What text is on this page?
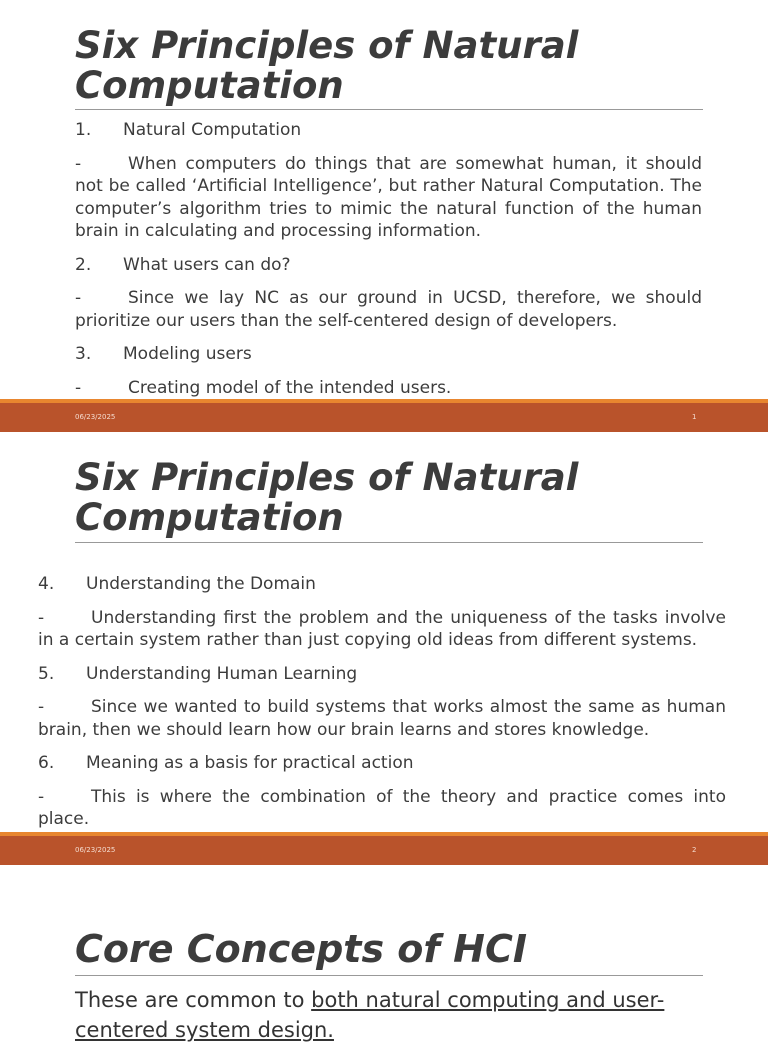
Six Principles of Natural Computation

1.	Natural Computation

-	When computers do things that are somewhat human, it should not be called ‘Artificial Intelligence’, but rather Natural Computation. The computer’s algorithm tries to mimic the natural function of the human brain in calculating and processing information.

2.	What users can do?

-	Since we lay NC as our ground in UCSD, therefore, we should prioritize our users than the self-centered design of developers.

3.	Modeling users

-	Creating model of the intended users.

06/23/2025	1
Six Principles of Natural Computation

4.	Understanding the Domain

-	Understanding first the problem and the uniqueness of the tasks involve in a certain system rather than just copying old ideas from different systems.

5.	Understanding Human Learning

-	Since we wanted to build systems that works almost the same as human brain, then we should learn how our brain learns and stores knowledge.

6.	Meaning as a basis for practical action

-	This is where the combination of the theory and practice comes into place.

06/23/2025	2
Core Concepts of HCI

These are common to both natural computing and user-centered system design.
